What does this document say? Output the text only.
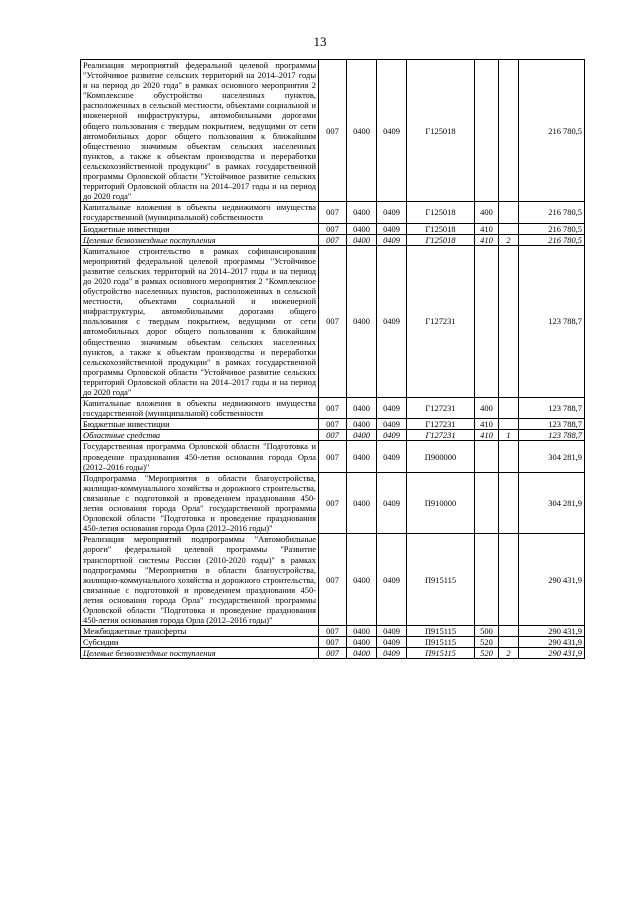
13
Реализация мероприятий федеральной целевой программы "Устойчивое развитие сельских территорий на 2014–2017 годы и на период до 2020 года" в рамках основного мероприятия 2 "Комплексное обустройство населенных пунктов, расположенных в сельской местности, объектами социальной и инженерной инфраструктуры, автомобильными дорогами общего пользования с твердым покрытием, ведущими от сети автомобильных дорог общего пользования к ближайшим общественно значимым объектам сельских населенных пунктов, а также к объектам производства и переработки сельскохозяйственной продукции" в рамках государственной программы Орловской области "Устойчивое развитие сельских территорий Орловской области на 2014–2017 годы и на период до 2020 года"	007	0400	0409	Г125018			216 780,5
Капитальные вложения в объекты недвижимого имущества государственной (муниципальной) собственности	007	0400	0409	Г125018	400		216 780,5
Бюджетные инвестиции	007	0400	0409	Г125018	410		216 780,5
Целевые безвозмездные поступления	007	0400	0409	Г125018	410	2	216 780,5
Капитальное строительство в рамках софинансирования мероприятий федеральной целевой программы "Устойчивое развитие сельских территорий на 2014–2017 годы и на период до 2020 года" в рамках основного мероприятия 2 "Комплексное обустройство населенных пунктов, расположенных в сельской местности, объектами социальной и инженерной инфраструктуры, автомобильными дорогами общего пользования с твердым покрытием, ведущими от сети автомобильных дорог общего пользования к ближайшим общественно значимым объектам сельских населенных пунктов, а также к объектам производства и переработки сельскохозяйственной продукции" в рамках государственной программы Орловской области "Устойчивое развитие сельских территорий Орловской области на 2014–2017 годы и на период до 2020 года"	007	0400	0409	Г127231			123 788,7
Капитальные вложения в объекты недвижимого имущества государственной (муниципальной) собственности	007	0400	0409	Г127231	400		123 788,7
Бюджетные инвестиции	007	0400	0409	Г127231	410		123 788,7
Областные средства	007	0400	0409	Г127231	410	1	123 788,7
Государственная программа Орловской области "Подготовка и проведение празднования 450-летия основания города Орла (2012–2016 годы)"	007	0400	0409	П900000			304 281,9
Подпрограмма "Мероприятия в области благоустройства, жилищно-коммунального хозяйства и дорожного строительства, связанные с подготовкой и проведением празднования 450-летия основания города Орла" государственной программы Орловской области "Подготовка и проведение празднования 450-летия основания города Орла (2012–2016 годы)"	007	0400	0409	П910000			304 281,9
Реализация мероприятий подпрограммы "Автомобильные дороги" федеральной целевой программы "Развитие транспортной системы России (2010-2020 годы)" в рамках подпрограммы "Мероприятия в области благоустройства, жилищно-коммунального хозяйства и дорожного строительства, связанные с подготовкой и проведением празднования 450-летия основания города Орла" государственной программы Орловской области "Подготовка и проведение празднования 450-летия основания города Орла (2012–2016 годы)"	007	0400	0409	П915115			290 431,9
Межбюджетные трансферты	007	0400	0409	П915115	500		290 431,9
Субсидии	007	0400	0409	П915115	520		290 431,9
Целевые безвозмездные поступления	007	0400	0409	П915115	520	2	290 431,9
